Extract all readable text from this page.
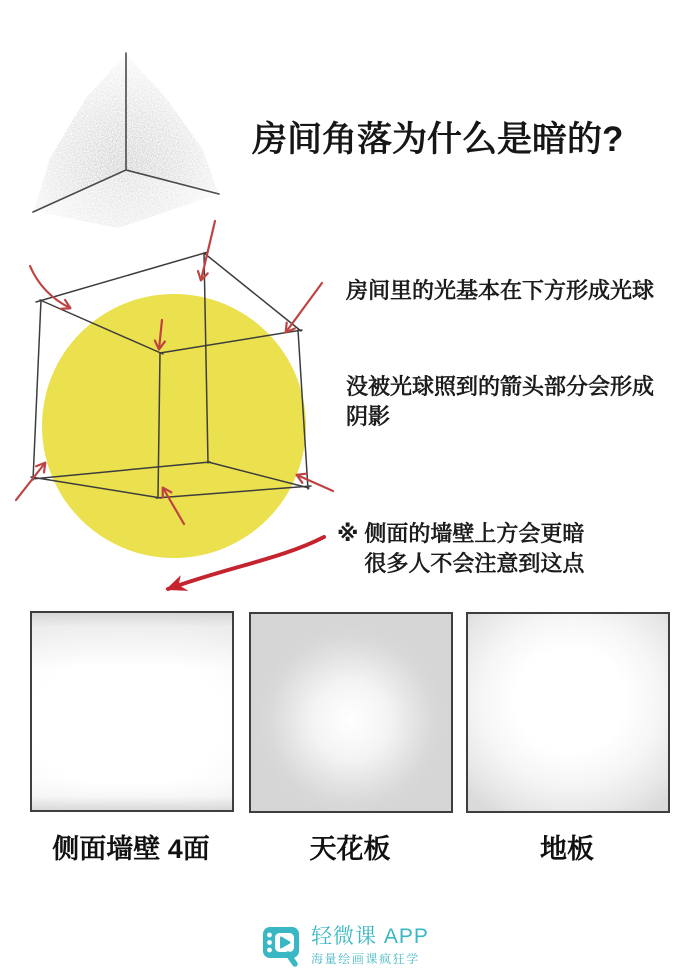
房间角落为什么是暗的?
房间里的光基本在下方形成光球
没被光球照到的箭头部分会形成
阴影
※ 侧面的墙壁上方会更暗
很多人不会注意到这点
侧面墙壁 4面	天花板	地板
轻微课 APP
海量绘画课疯狂学
